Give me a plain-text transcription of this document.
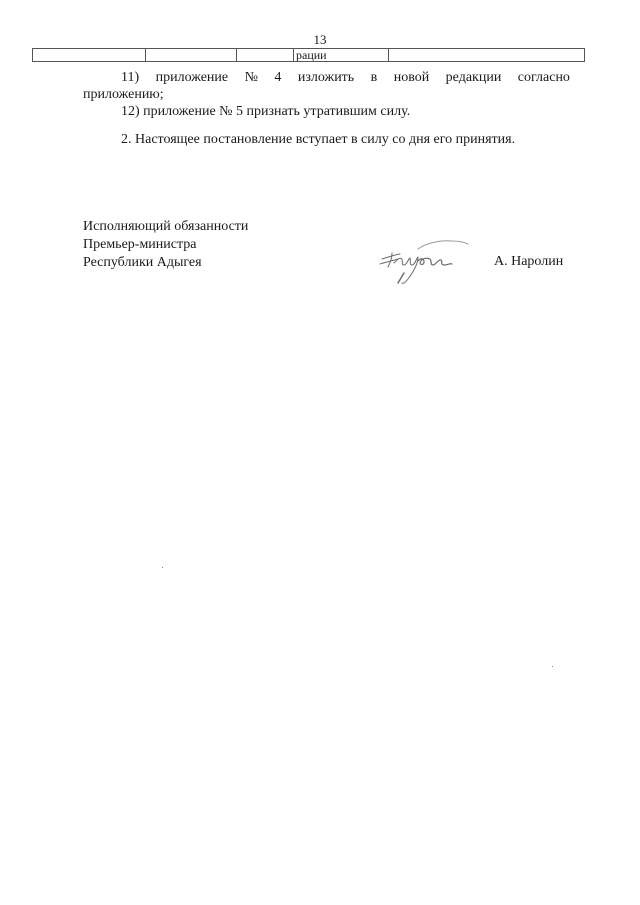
13
рации
11) приложение № 4 изложить в новой редакции согласно
приложению;

12) приложение № 5 признать утратившим силу.

2. Настоящее постановление вступает в силу со дня его принятия.

Исполняющий обязанности
Премьер-министра
Республики Адыгея	А. Наролин
